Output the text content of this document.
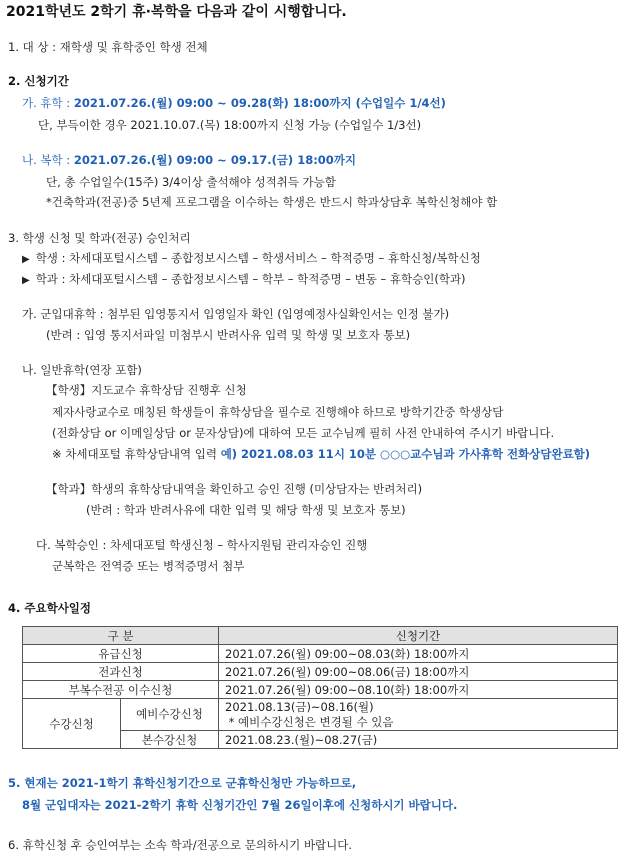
2021학년도 2학기 휴·복학을 다음과 같이 시행합니다.
1. 대 상 : 재학생 및 휴학중인 학생 전체
2. 신청기간
가. 휴학 : 2021.07.26.(월) 09:00 ~ 09.28(화) 18:00까지 (수업일수 1/4선)
단, 부득이한 경우 2021.10.07.(목) 18:00까지 신청 가능 (수업일수 1/3선)
나. 복학 : 2021.07.26.(월) 09:00 ~ 09.17.(금) 18:00까지
단, 총 수업일수(15주) 3/4이상 출석해야 성적취득 가능함
*건축학과(전공)중 5년제 프로그램을 이수하는 학생은 반드시 학과상담후 복학신청해야 함
3. 학생 신청 및 학과(전공) 승인처리
▶ 학생 : 차세대포털시스템 – 종합정보시스템 – 학생서비스 – 학적증명 – 휴학신청/복학신청
▶ 학과 : 차세대포털시스템 – 종합정보시스템 – 학부 – 학적증명 – 변동 – 휴학승인(학과)
가. 군입대휴학 : 첨부된 입영통지서 입영일자 확인 (입영예정사실확인서는 인정 불가)
(반려 : 입영 통지서파일 미첨부시 반려사유 입력 및 학생 및 보호자 통보)
나. 일반휴학(연장 포함)
【학생】지도교수 휴학상담 진행후 신청
제자사랑교수로 매칭된 학생들이 휴학상담을 필수로 진행해야 하므로 방학기간중 학생상담
(전화상담 or 이메일상담 or 문자상담)에 대하여 모든 교수님께 필히 사전 안내하여 주시기 바랍니다.
※ 차세대포털 휴학상담내역 입력 예) 2021.08.03 11시 10분 ○○○교수님과 가사휴학 전화상담완료함)
【학과】학생의 휴학상담내역을 확인하고 승인 진행 (미상담자는 반려처리)
(반려 : 학과 반려사유에 대한 입력 및 해당 학생 및 보호자 통보)
다. 복학승인 : 차세대포털 학생신청 – 학사지원팀 관리자승인 진행
군복학은 전역증 또는 병적증명서 첨부
4. 주요학사일정
구 분		신청기간
유급신청		2021.07.26(월) 09:00~08.03(화) 18:00까지
전과신청		2021.07.26(월) 09:00~08.06(금) 18:00까지
부복수전공 이수신청		2021.07.26(월) 09:00~08.10(화) 18:00까지
수강신청	예비수강신청	2021.08.13(금)~08.16(월)
* 예비수강신청은 변경될 수 있음

	본수강신청	2021.08.23.(월)~08.27(금)
5. 현재는 2021-1학기 휴학신청기간으로 군휴학신청만 가능하므로,
8월 군입대자는 2021-2학기 휴학 신청기간인 7월 26일이후에 신청하시기 바랍니다.
6. 휴학신청 후 승인여부는 소속 학과/전공으로 문의하시기 바랍니다.
